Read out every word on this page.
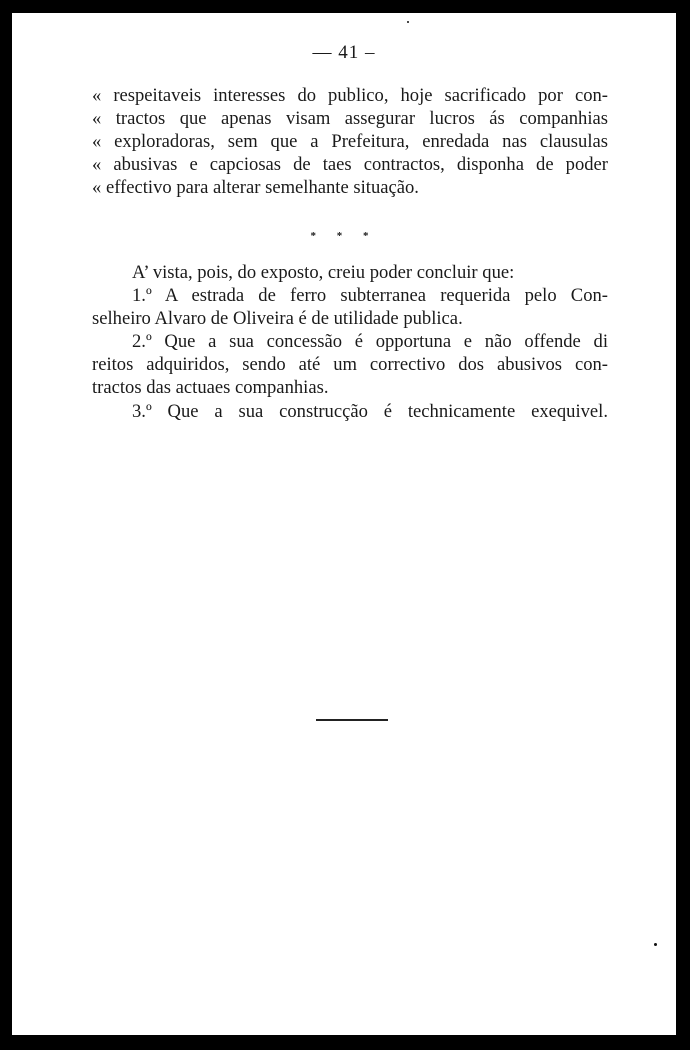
— 41 –
« respeitaveis interesses do publico, hoje sacrificado por con-
« tractos que apenas visam assegurar lucros ás companhias
« exploradoras, sem que a Prefeitura, enredada nas clausulas
« abusivas e capciosas de taes contractos, disponha de poder
« effectivo para alterar semelhante situação.
* * *
A’ vista, pois, do exposto, creiu poder concluir que:
1.º A estrada de ferro subterranea requerida pelo Con-
selheiro Alvaro de Oliveira é de utilidade publica.
2.º Que a sua concessão é opportuna e não offende di
reitos adquiridos, sendo até um correctivo dos abusivos con-
tractos das actuaes companhias.
3.º Que a sua construcção é technicamente exequivel.
